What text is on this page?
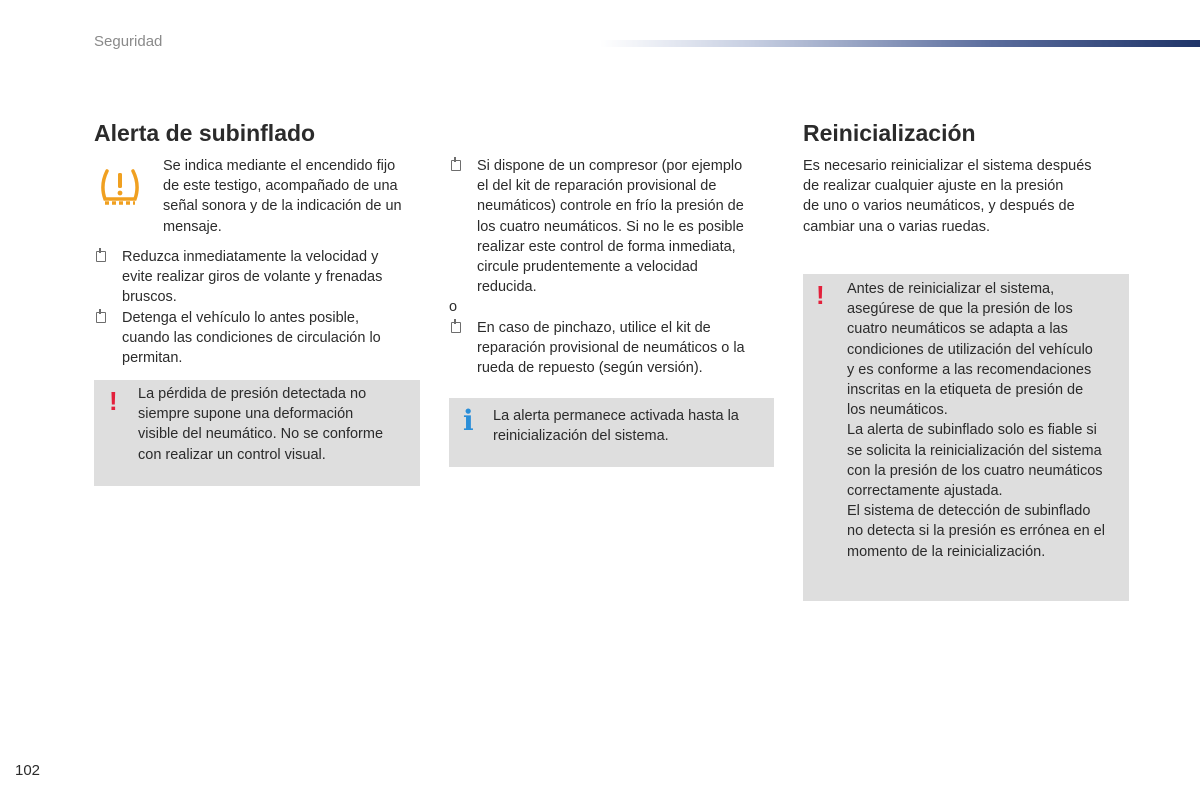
Seguridad
Alerta de subinflado
Se indica mediante el encendido fijo
de este testigo, acompañado de una
señal sonora y de la indicación de un
mensaje.
Reduzca inmediatamente la velocidad y
evite realizar giros de volante y frenadas
bruscos.
Detenga el vehículo lo antes posible,
cuando las condiciones de circulación lo
permitan.
! La pérdida de presión detectada no
siempre supone una deformación
visible del neumático. No se conforme
con realizar un control visual.
Si dispone de un compresor (por ejemplo
el del kit de reparación provisional de
neumáticos) controle en frío la presión de
los cuatro neumáticos. Si no le es posible
realizar este control de forma inmediata,
circule prudentemente a velocidad
reducida.
o
En caso de pinchazo, utilice el kit de
reparación provisional de neumáticos o la
rueda de repuesto (según versión).
i La alerta permanece activada hasta la
reinicialización del sistema.
Reinicialización
Es necesario reinicializar el sistema después
de realizar cualquier ajuste en la presión
de uno o varios neumáticos, y después de
cambiar una o varias ruedas.
! Antes de reinicializar el sistema,
asegúrese de que la presión de los
cuatro neumáticos se adapta a las
condiciones de utilización del vehículo
y es conforme a las recomendaciones
inscritas en la etiqueta de presión de
los neumáticos.
La alerta de subinflado solo es fiable si
se solicita la reinicialización del sistema
con la presión de los cuatro neumáticos
correctamente ajustada.
El sistema de detección de subinflado
no detecta si la presión es errónea en el
momento de la reinicialización.
102
